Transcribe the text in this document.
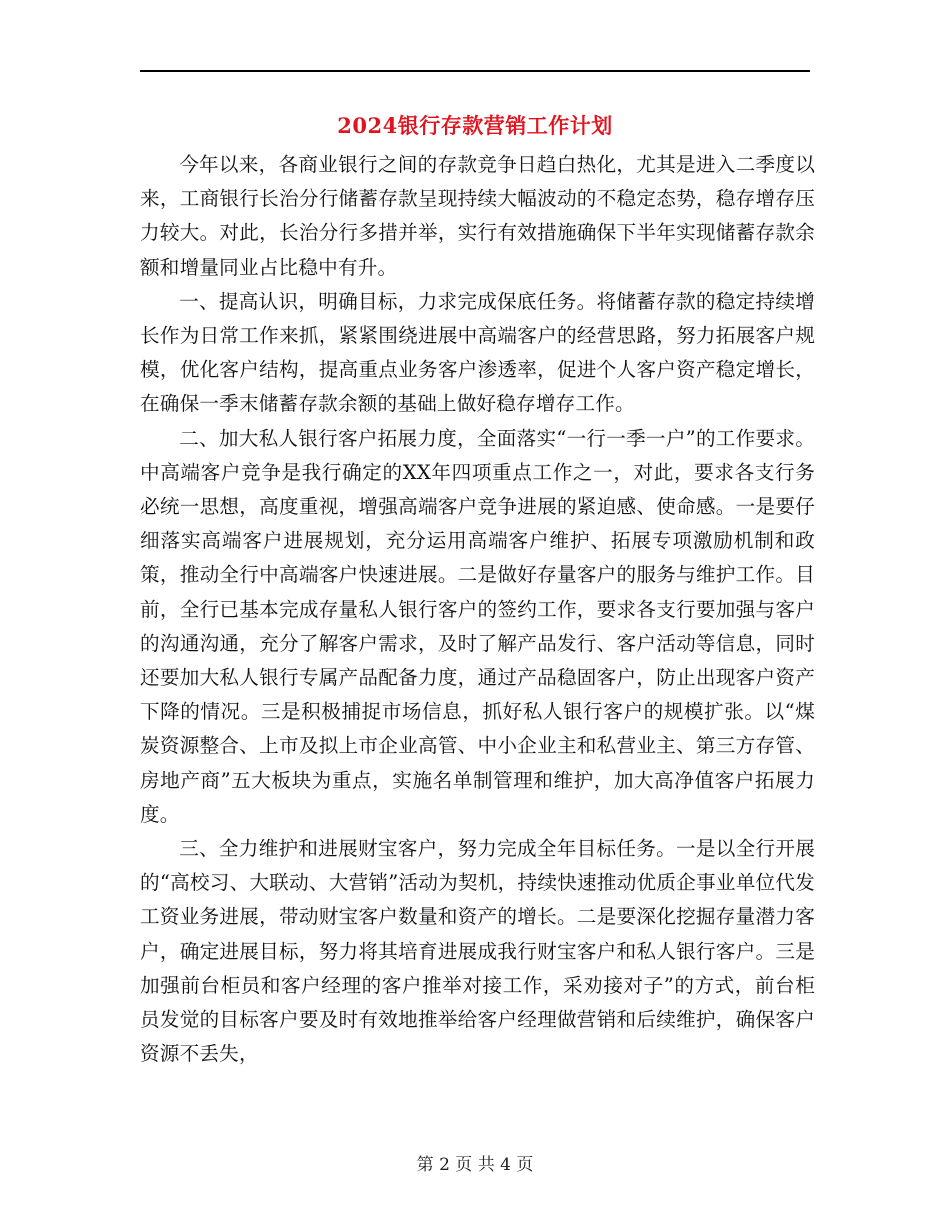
2024银行存款营销工作计划

今年以来，各商业银行之间的存款竞争日趋白热化，尤其是进入二季度以来，工商银行长治分行储蓄存款呈现持续大幅波动的不稳定态势，稳存增存压力较大。对此，长治分行多措并举，实行有效措施确保下半年实现储蓄存款余额和增量同业占比稳中有升。

一、提高认识，明确目标，力求完成保底任务。将储蓄存款的稳定持续增长作为日常工作来抓，紧紧围绕进展中高端客户的经营思路，努力拓展客户规模，优化客户结构，提高重点业务客户渗透率，促进个人客户资产稳定增长，在确保一季末储蓄存款余额的基础上做好稳存增存工作。

二、加大私人银行客户拓展力度，全面落实“一行一季一户”的工作要求。中高端客户竞争是我行确定的XX年四项重点工作之一，对此，要求各支行务必统一思想，高度重视，增强高端客户竞争进展的紧迫感、使命感。一是要仔细落实高端客户进展规划，充分运用高端客户维护、拓展专项激励机制和政策，推动全行中高端客户快速进展。二是做好存量客户的服务与维护工作。目前，全行已基本完成存量私人银行客户的签约工作，要求各支行要加强与客户的沟通沟通，充分了解客户需求，及时了解产品发行、客户活动等信息，同时还要加大私人银行专属产品配备力度，通过产品稳固客户，防止出现客户资产下降的情况。三是积极捕捉市场信息，抓好私人银行客户的规模扩张。以“煤炭资源整合、上市及拟上市企业高管、中小企业主和私营业主、第三方存管、房地产商”五大板块为重点，实施名单制管理和维护，加大高净值客户拓展力度。

三、全力维护和进展财宝客户，努力完成全年目标任务。一是以全行开展的“高校习、大联动、大营销”活动为契机，持续快速推动优质企事业单位代发工资业务进展，带动财宝客户数量和资产的增长。二是要深化挖掘存量潜力客户，确定进展目标，努力将其培育进展成我行财宝客户和私人银行客户。三是加强前台柜员和客户经理的客户推举对接工作，采劝接对子”的方式，前台柜员发觉的目标客户要及时有效地推举给客户经理做营销和后续维护，确保客户资源不丢失，

第 2 页 共 4 页
